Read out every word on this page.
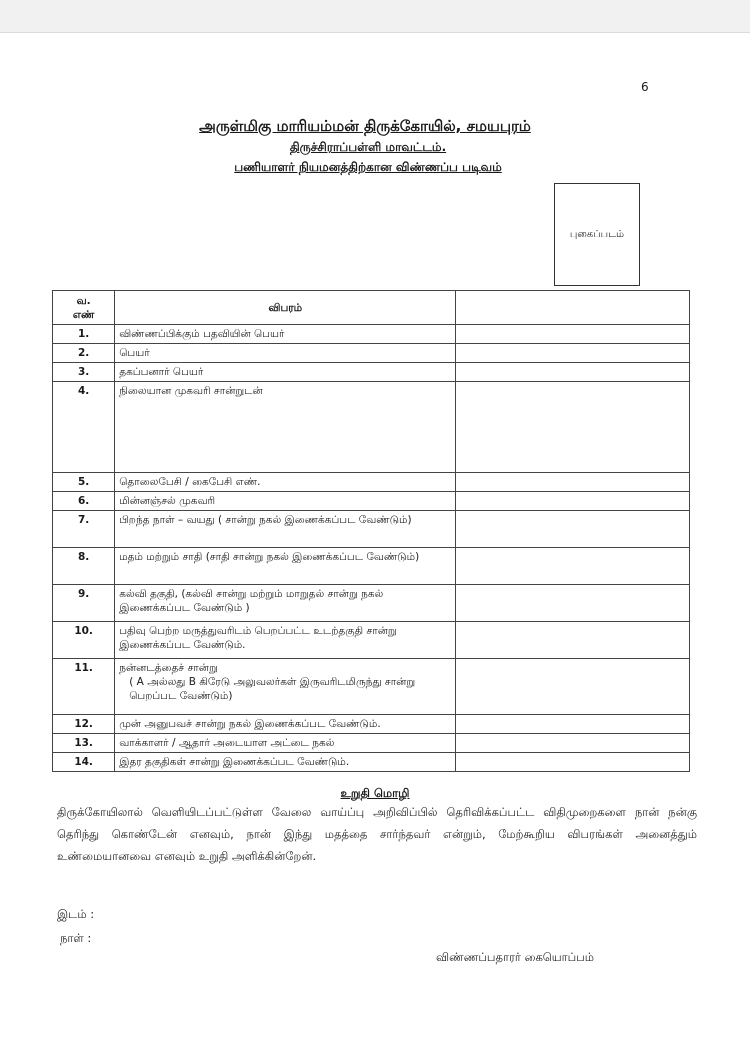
6
அருள்மிகு மாரியம்மன் திருக்கோயில், சமயபுரம்
திருச்சிராப்பள்ளி மாவட்டம்.
பணியாளர் நியமனத்திற்கான விண்ணப்ப படிவம்
புகைப்படம்
வ.
எண்	விபரம்	
1.	விண்ணப்பிக்கும் பதவியின் பெயர்	
2.	பெயர்	
3.	தகப்பனார் பெயர்	
4.	நிலையான முகவரி சான்றுடன்	
5.	தொலைபேசி / கைபேசி எண்.	
6.	மின்னஞ்சல் முகவரி	
7.	பிறந்த நாள் – வயது ( சான்று நகல் இணைக்கப்பட வேண்டும்)	
8.	மதம் மற்றும் சாதி (சாதி சான்று நகல் இணைக்கப்பட வேண்டும்)	
9.	கல்வி தகுதி, (கல்வி சான்று மற்றும் மாறுதல் சான்று நகல் இணைக்கப்பட வேண்டும் )	
10.	பதிவு பெற்ற மருத்துவரிடம் பெறப்பட்ட உடற்தகுதி சான்று இணைக்கப்பட வேண்டும்.	
11.	நன்னடத்தைச் சான்று
( A அல்லது B கிரேடு அலுவலர்கள் இருவரிடமிருந்து சான்று பெறப்பட வேண்டும்)	

12.	முன் அனுபவச் சான்று நகல் இணைக்கப்பட வேண்டும்.	
13.	வாக்காளர் / ஆதார் அடையாள அட்டை நகல்	
14.	இதர தகுதிகள் சான்று இணைக்கப்பட வேண்டும்.	
உறுதி மொழி
திருக்கோயிலால் வெளியிடப்பட்டுள்ள வேலை வாய்ப்பு அறிவிப்பில் தெரிவிக்கப்பட்ட விதிமுறைகளை நான் நன்கு தெரிந்து கொண்டேன் எனவும், நான் இந்து மதத்தை சார்ந்தவர் என்றும், மேற்கூறிய விபரங்கள் அனைத்தும் உண்மையானவை எனவும் உறுதி அளிக்கின்றேன்.
இடம் :
நாள் :
விண்ணப்பதாரர் கையொப்பம்
